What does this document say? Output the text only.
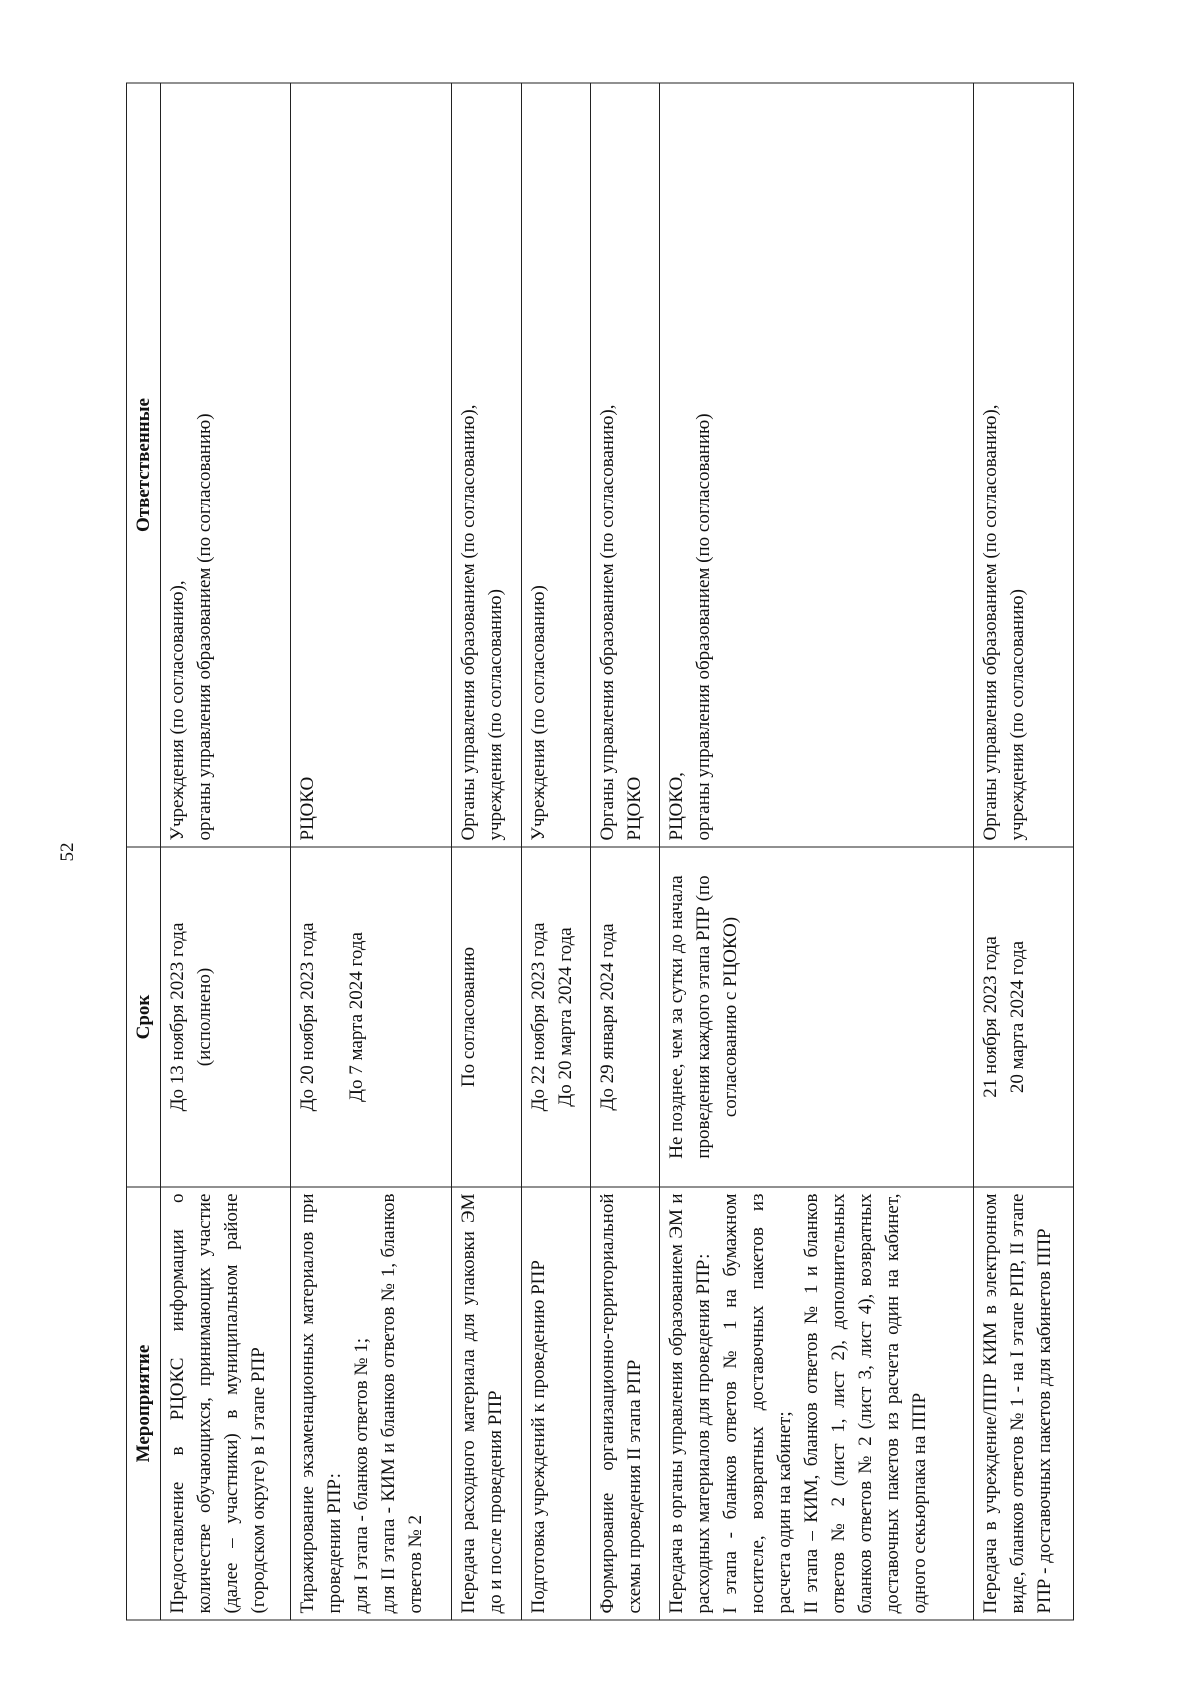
52
Мероприятие	Срок	Ответственные

Предоставление в РЦОКС информации о количестве обучающихся, принимающих участие (далее – участники) в муниципальном районе (городском округе) в I этапе РПР	До 13 ноября 2023 года (исполнено)	Учреждения (по согласованию), органы управления образованием (по согласованию)

Тиражирование экзаменационных материалов при проведении РПР: для I этапа - бланков ответов № 1; для II этапа - КИМ и бланков ответов № 1, бланков ответов № 2	До 20 ноября 2023 года До 7 марта 2024 года	РЦОКО

Передача расходного материала для упаковки ЭМ до и после проведения РПР	По согласованию	Органы управления образованием (по согласованию), учреждения (по согласованию)

Подготовка учреждений к проведению РПР	До 22 ноября 2023 года До 20 марта 2024 года	Учреждения (по согласованию)

Формирование организационно-территориальной схемы проведения II этапа РПР	До 29 января 2024 года	Органы управления образованием (по согласованию), РЦОКО

Передача в органы управления образованием ЭМ и расходных материалов для проведения РПР: I этапа - бланков ответов № 1 на бумажном носителе, возвратных доставочных пакетов из расчета один на кабинет; II этапа – КИМ, бланков ответов № 1 и бланков ответов № 2 (лист 1, лист 2), дополнительных бланков ответов № 2 (лист 3, лист 4), возвратных доставочных пакетов из расчета один на кабинет, одного секьюрпака на ППР	Не позднее, чем за сутки до начала проведения каждого этапа РПР (по согласованию с РЦОКО)	РЦОКО, органы управления образованием (по согласованию)

Передача в учреждение/ППР КИМ в электронном виде, бланков ответов № 1 - на I этапе РПР, II этапе РПР - доставочных пакетов для кабинетов ППР	21 ноября 2023 года 20 марта 2024 года	Органы управления образованием (по согласованию), учреждения (по согласованию)
